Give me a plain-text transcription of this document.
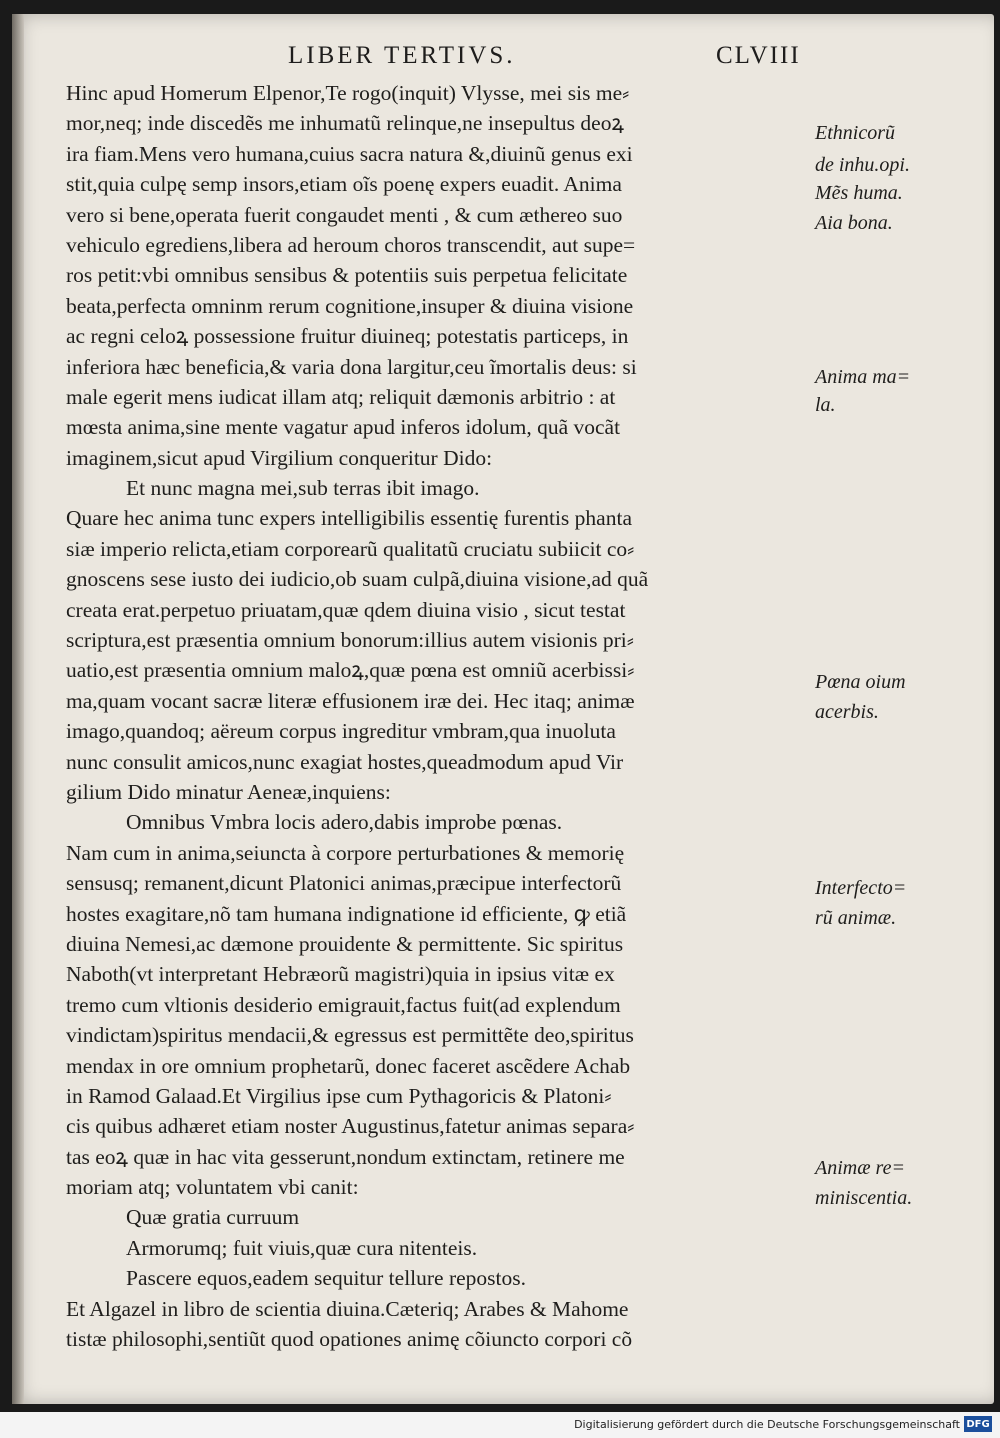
LIBER TERTIVS.	CLVIII
Hinc apud Homerum Elpenor,Te rogo(inquit) Vlysse, mei sis me⸗
mor,neq; inde discedẽs me inhumatũ relinque,ne insepultus deoꝝ
ira fiam.Mens vero humana,cuius sacra natura &,diuinũ genus exi
stit,quia culpę semp insors,etiam oĩs poenę expers euadit. Anima
vero si bene,operata fuerit congaudet menti , & cum æthereo suo
vehiculo egrediens,libera ad heroum choros transcendit, aut supe=
ros petit:vbi omnibus sensibus & potentiis suis perpetua felicitate
beata,perfecta omninm rerum cognitione,insuper & diuina visione
ac regni celoꝝ possessione fruitur diuineq; potestatis particeps, in
inferiora hæc beneficia,& varia dona largitur,ceu ĩmortalis deus: si
male egerit mens iudicat illam atq; reliquit dæmonis arbitrio : at
mœsta anima,sine mente vagatur apud inferos idolum, quã vocãt
imaginem,sicut apud Virgilium conqueritur Dido:
Et nunc magna mei,sub terras ibit imago.
Quare hec anima tunc expers intelligibilis essentię furentis phanta
siæ imperio relicta,etiam corporearũ qualitatũ cruciatu subiicit co⸗
gnoscens sese iusto dei iudicio,ob suam culpã,diuina visione,ad quã
creata erat.perpetuo priuatam,quæ qdem diuina visio , sicut testat
scriptura,est præsentia omnium bonorum:illius autem visionis pri⸗
uatio,est præsentia omnium maloꝝ,quæ pœna est omniũ acerbissi⸗
ma,quam vocant sacræ literæ effusionem iræ dei. Hec itaq; animæ
imago,quandoq; aëreum corpus ingreditur vmbram,qua inuoluta
nunc consulit amicos,nunc exagiat hostes,queadmodum apud Vir
gilium Dido minatur Aeneæ,inquiens:
Omnibus Vmbra locis adero,dabis improbe pœnas.
Nam cum in anima,seiuncta à corpore perturbationes & memorię
sensusq; remanent,dicunt Platonici animas,præcipue interfectorũ
hostes exagitare,nõ tam humana indignatione id efficiente, ꝙ etiã
diuina Nemesi,ac dæmone prouidente & permittente. Sic spiritus
Naboth(vt interpretant Hebræorũ magistri)quia in ipsius vitæ ex
tremo cum vltionis desiderio emigrauit,factus fuit(ad explendum
vindictam)spiritus mendacii,& egressus est permittẽte deo,spiritus
mendax in ore omnium prophetarũ, donec faceret ascẽdere Achab
in Ramod Galaad.Et Virgilius ipse cum Pythagoricis & Platoni⸗
cis quibus adhæret etiam noster Augustinus,fatetur animas separa⸗
tas eoꝝ quæ in hac vita gesserunt,nondum extinctam, retinere me
moriam atq; voluntatem vbi canit:
Quæ gratia curruum
Armorumq; fuit viuis,quæ cura nitenteis.
Pascere equos,eadem sequitur tellure repostos.
Et Algazel in libro de scientia diuina.Cæteriq; Arabes & Mahome
tistæ philosophi,sentiũt quod opationes animę cõiuncto corpori cõ
Ethnicorũ
de inhu.opi.
Mẽs huma.
Aia bona.
Anima ma=
la.
Pœna oium
acerbis.
Interfecto=
rũ animæ.
Animæ re=
miniscentia.
Digitalisierung gefördert durch die Deutsche Forschungsgemeinschaft DFG
